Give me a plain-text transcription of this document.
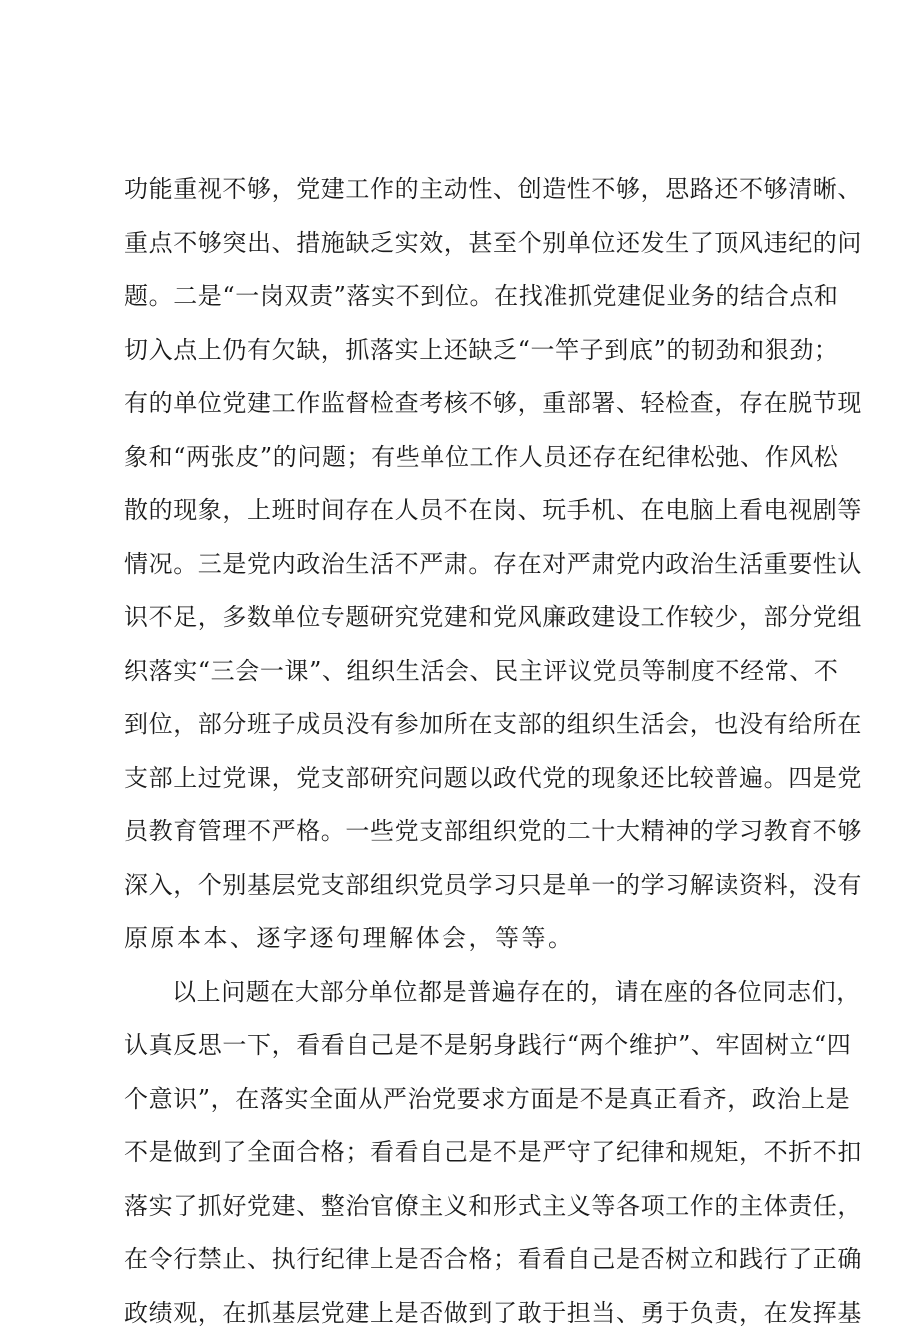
功能重视不够，党建工作的主动性、创造性不够，思路还不够清晰、
重点不够突出、措施缺乏实效，甚至个别单位还发生了顶风违纪的问
题。二是“一岗双责”落实不到位。在找准抓党建促业务的结合点和
切入点上仍有欠缺，抓落实上还缺乏“一竿子到底”的韧劲和狠劲；
有的单位党建工作监督检查考核不够，重部署、轻检查，存在脱节现
象和“两张皮”的问题；有些单位工作人员还存在纪律松弛、作风松
散的现象，上班时间存在人员不在岗、玩手机、在电脑上看电视剧等
情况。三是党内政治生活不严肃。存在对严肃党内政治生活重要性认
识不足，多数单位专题研究党建和党风廉政建设工作较少，部分党组
织落实“三会一课”、组织生活会、民主评议党员等制度不经常、不
到位，部分班子成员没有参加所在支部的组织生活会，也没有给所在
支部上过党课，党支部研究问题以政代党的现象还比较普遍。四是党
员教育管理不严格。一些党支部组织党的二十大精神的学习教育不够
深入，个别基层党支部组织党员学习只是单一的学习解读资料，没有
原原本本、逐字逐句理解体会，等等。
以上问题在大部分单位都是普遍存在的，请在座的各位同志们，
认真反思一下，看看自己是不是躬身践行“两个维护”、牢固树立“四
个意识”，在落实全面从严治党要求方面是不是真正看齐，政治上是
不是做到了全面合格；看看自己是不是严守了纪律和规矩，不折不扣
落实了抓好党建、整治官僚主义和形式主义等各项工作的主体责任，
在令行禁止、执行纪律上是否合格；看看自己是否树立和践行了正确
政绩观，在抓基层党建上是否做到了敢于担当、勇于负责，在发挥基
